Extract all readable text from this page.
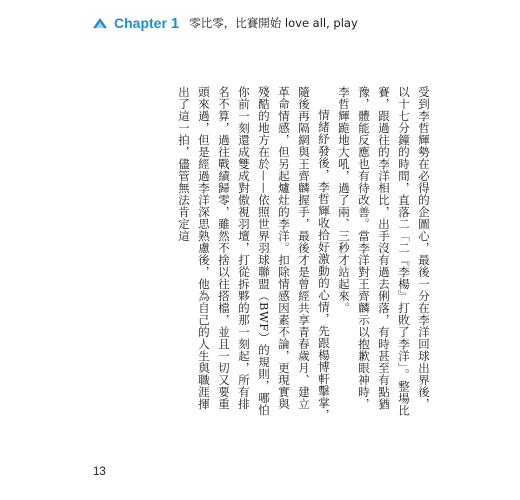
Chapter 1 零比零，比賽開始 love all, play

受到李哲輝勢在必得的企圖心，最後一分在李洋回球出界後，以十七分鐘的時間，直落二「二『李楊』打敗了李洋」。整場比賽，跟過往的李洋相比，出手沒有過去俐落，有時甚至有點猶豫，體能反應也有待改善。當李洋對王齊麟示以抱歉眼神時，李哲輝跪地大吼，過了兩、三秒才站起來。

情緒紓發後，李哲輝收拾好激動的心情，先跟楊博軒擊掌，隨後再隔網與王齊麟握手，最後才是曾經共享青春歲月、建立革命情感，但另起爐灶的李洋。扣除情感因素不論，更現實與殘酷的地方在於——依照世界羽球聯盟（BWF）的規則，哪怕你前一刻還成雙成對傲視羽壇，打從拆夥的那一刻起，所有排名不算，過往戰績歸零，雖然不捨以往搭檔，並且一切又要重頭來過，但是經過李洋深思熟慮後，他為自己的人生與職涯揮出了這一拍，儘管無法肯定這

13
